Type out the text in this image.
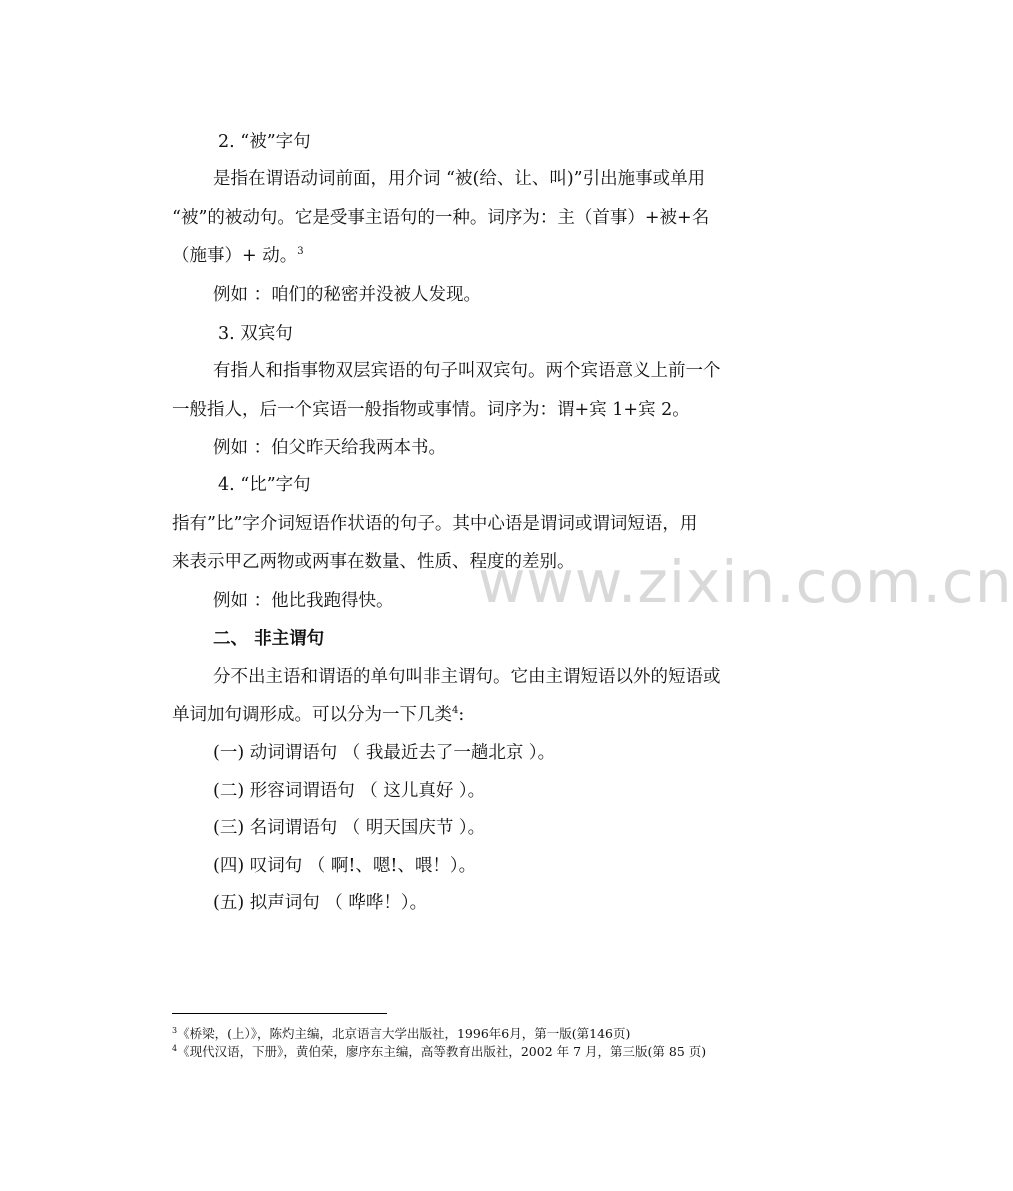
www.zixin.com.cn
2. “被”字句
是指在谓语动词前面，用介词 “被(给、让、叫)”引出施事或单用
“被”的被动句。它是受事主语句的一种。词序为：主（首事）+被+名
（施事）+ 动。$^3$
例如 ：咱们的秘密并没被人发现。
3. 双宾句
有指人和指事物双层宾语的句子叫双宾句。两个宾语意义上前一个
一般指人，后一个宾语一般指物或事情。词序为：谓+宾 1+宾 2。
例如 ：伯父昨天给我两本书。
4. “比”字句
指有”比”字介词短语作状语的句子。其中心语是谓词或谓词短语，用
来表示甲乙两物或两事在数量、性质、程度的差别。
例如 ：他比我跑得快。
二、 非主谓句
分不出主语和谓语的单句叫非主谓句。它由主谓短语以外的短语或
单词加句调形成。可以分为一下几类$^4$:
(一) 动词谓语句 （ 我最近去了一趟北京 ）。
(二) 形容词谓语句 （ 这儿真好 ）。
(三) 名词谓语句 （ 明天国庆节 ）。
(四) 叹词句 （ 啊!、嗯!、喂！）。
(五) 拟声词句 （ 哗哗！）。
$^3$《桥梁，(上）》，陈灼主编，北京语言大学出版社，1996年6月，第一版(第146页)
$^4$《现代汉语，下册》，黄伯荣，廖序东主编，高等教育出版社，2002 年 7 月，第三版(第 85 页)
